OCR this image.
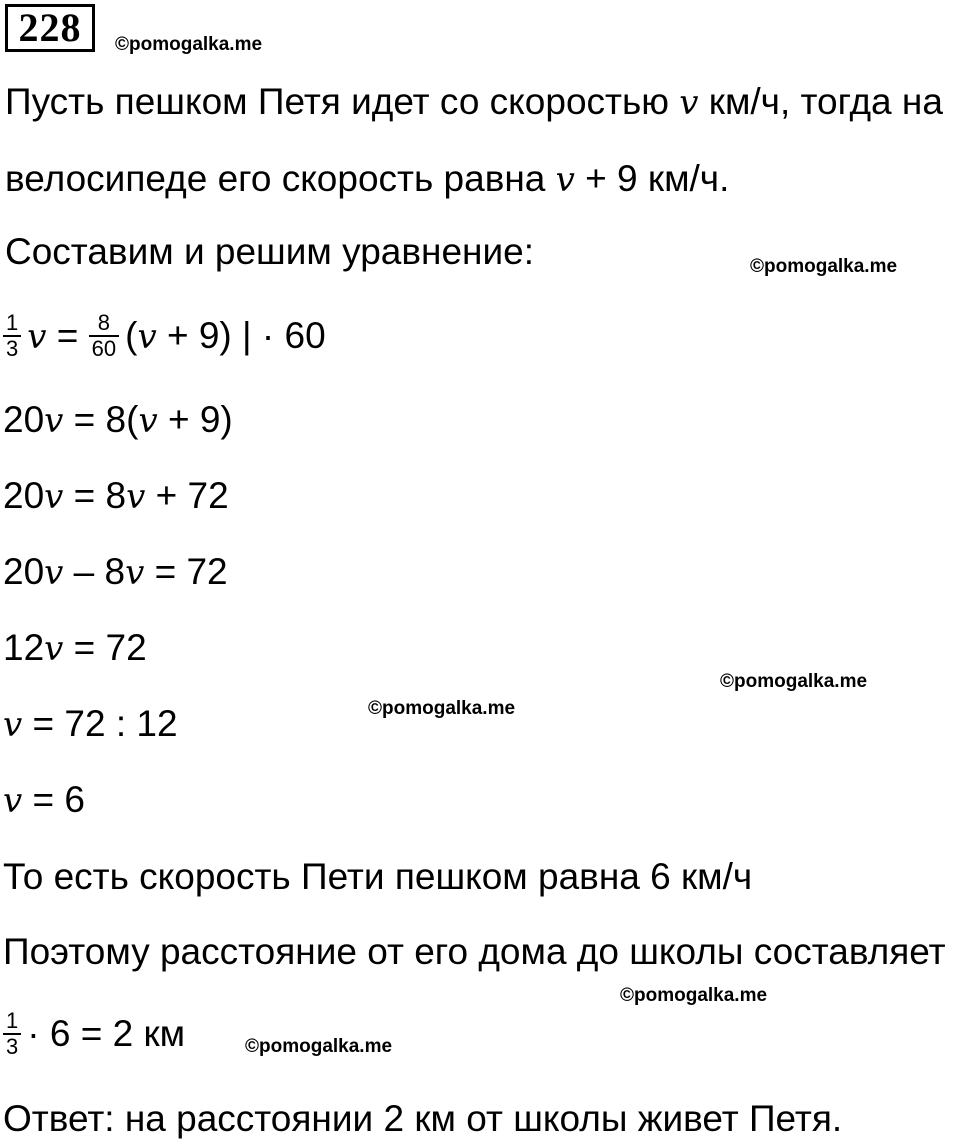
228	©pomogalka.me
Пусть пешком Петя идет со скоростью v км/ч, тогда на
велосипеде его скорость равна v + 9 км/ч.
Составим и решим уравнение:	©pomogalka.me
$\frac{1}{3}$ $v = \frac{8}{60} (v + 9)$ | · 60
20v = 8(v + 9)
20v = 8v + 72
20v – 8v = 72
12v = 72
©pomogalka.me
v = 72 : 12	©pomogalka.me
v = 6
То есть скорость Пети пешком равна 6 км/ч
Поэтому расстояние от его дома до школы составляет
©pomogalka.me
$\frac{1}{3} \cdot 6 = 2$ км	©pomogalka.me
Ответ: на расстоянии 2 км от школы живет Петя.
